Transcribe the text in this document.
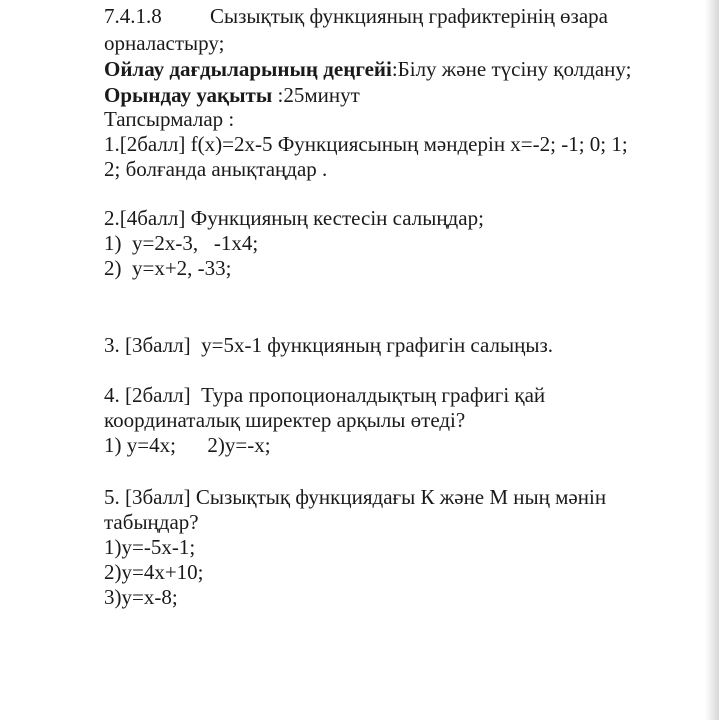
7.4.1.8 Сызықтық функцияның графиктерінің өзара
орналастыру;
Ойлау дағдыларының деңгейі:Білу және түсіну қолдану;
Орындау уақыты :25минут
Тапсырмалар :
1.[2балл] f(x)=2x-5 Функциясының мәндерін x=-2; -1; 0; 1;
2; болғанда анықтаңдар .
2.[4балл] Функцияның кестесін салыңдар;
1)  y=2x-3,   -1x4;
2)  y=x+2, -33;
3. [3балл]  y=5x-1 функцияның графигін салыңыз.
4. [2балл]  Тура пропоционалдықтың графигі қай
координаталық ширектер арқылы өтеді?
1) y=4x;      2)y=-x;
5. [3балл] Сызықтық функциядағы К және М ның мәнін
табыңдар?
1)y=-5x-1;
2)y=4x+10;
3)y=x-8;
